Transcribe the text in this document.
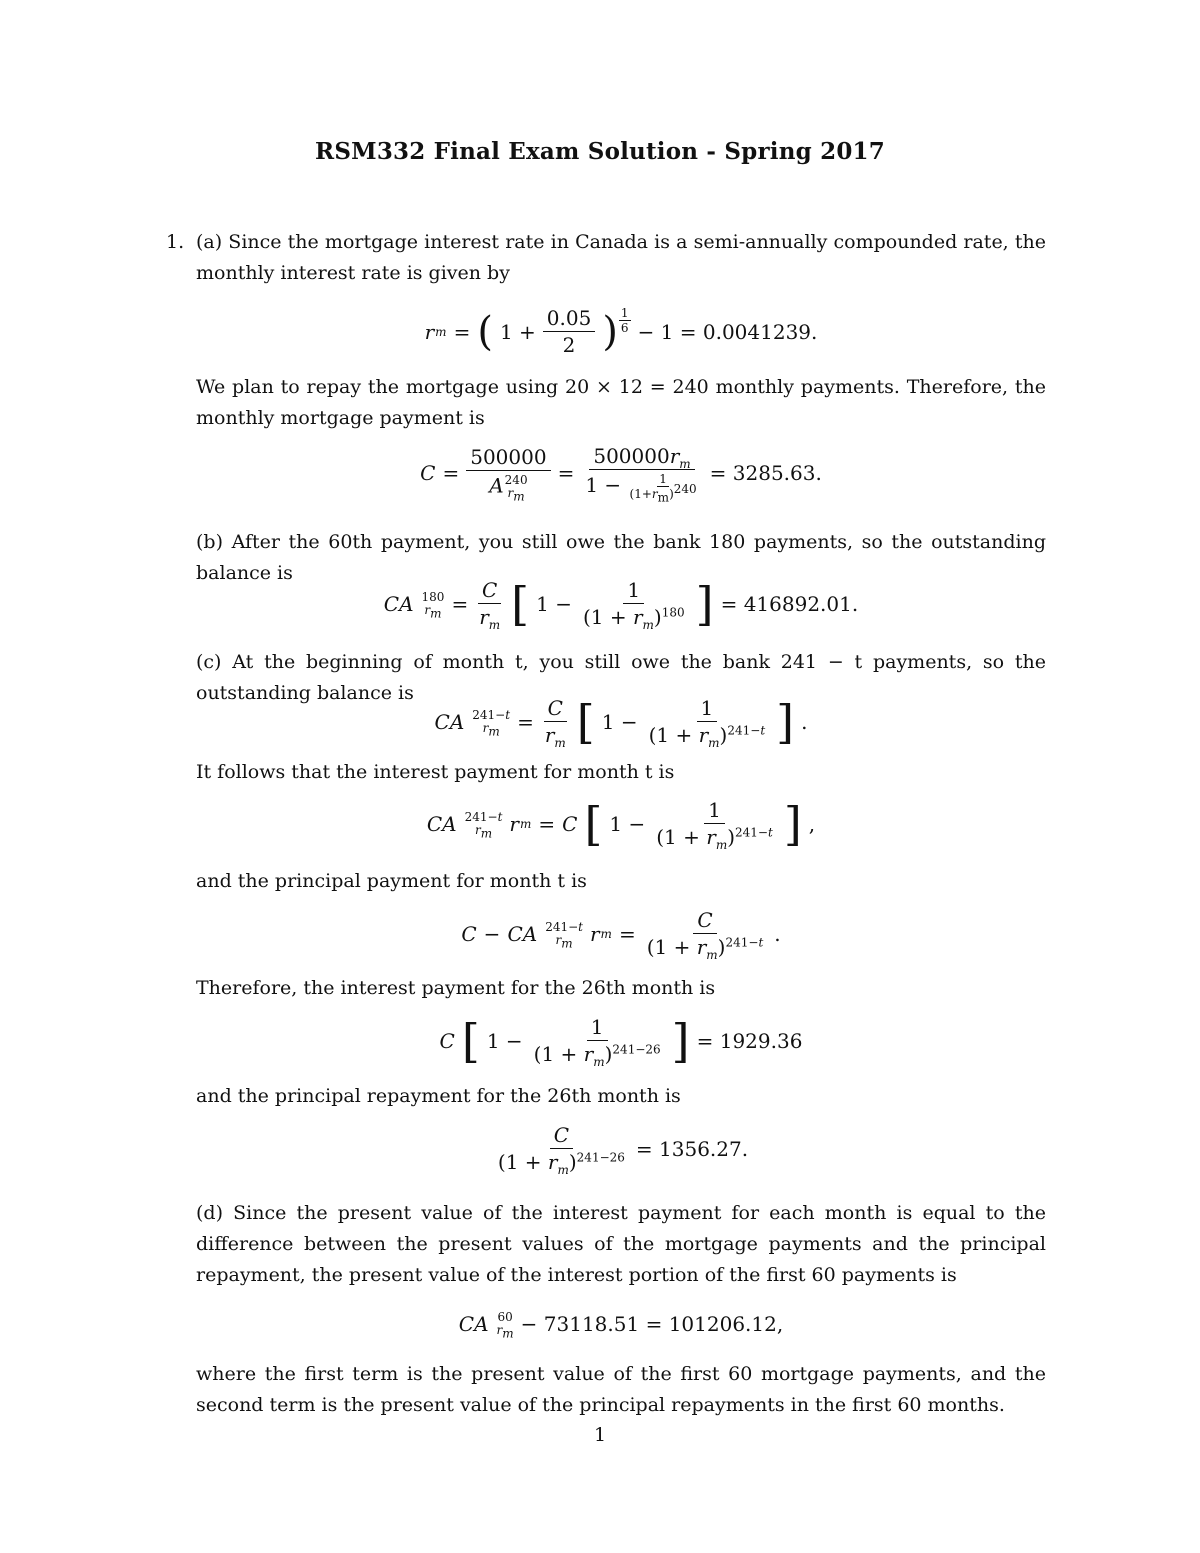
RSM332 Final Exam Solution - Spring 2017
1. (a) Since the mortgage interest rate in Canada is a semi-annually compounded rate, the monthly interest rate is given by
r m = ( $1 + \frac{0.05}{2}$ ) $\frac{1}{6} - 1 = 0.0041239$.
We plan to repay the mortgage using 20 × 12 = 240 monthly payments. Therefore, the monthly mortgage payment is
C = 500000
A 240
$r_m = \frac{500000r_m}{1 - \frac{1}{(1+r_m)^{240}}} = 3285.63$.
(b) After the 60th payment, you still owe the bank 180 payments, so the outstanding balance is
CA 180
$r_m = \frac{C}{r_m}$ [ $1 - \frac{1}{(1 + r_m)^{180}}$ ] = 416892.01.
(c) At the beginning of month t, you still owe the bank 241 − t payments, so the outstanding balance is
CA 241−t
$r_m = \frac{C}{r_m}$ [ $1 - \frac{1}{(1 + r_m)^{241-t}}$ ] .
It follows that the interest payment for month t is
CA 241−t
$r_m$ r m = C [ $1 - \frac{1}{(1 + r_m)^{241-t}}$ ] ,
and the principal payment for month t is
C − CA 241−t
$r_m$ r $m = \frac{C}{(1 + r_m)^{241-t}}$ .
Therefore, the interest payment for the 26th month is
C [ $1 - \frac{1}{(1 + r_m)^{241-26}}$ ] = 1929.36
and the principal repayment for the 26th month is
$\frac{C}{(1 + r_m)^{241-26}} = 1356.27$.
(d) Since the present value of the interest payment for each month is equal to the difference between the present values of the mortgage payments and the principal repayment, the present value of the interest portion of the first 60 payments is
CA 60
$r_m - 73118.51 = 101206.12$,
where the first term is the present value of the first 60 mortgage payments, and the second term is the present value of the principal repayments in the first 60 months.
1
